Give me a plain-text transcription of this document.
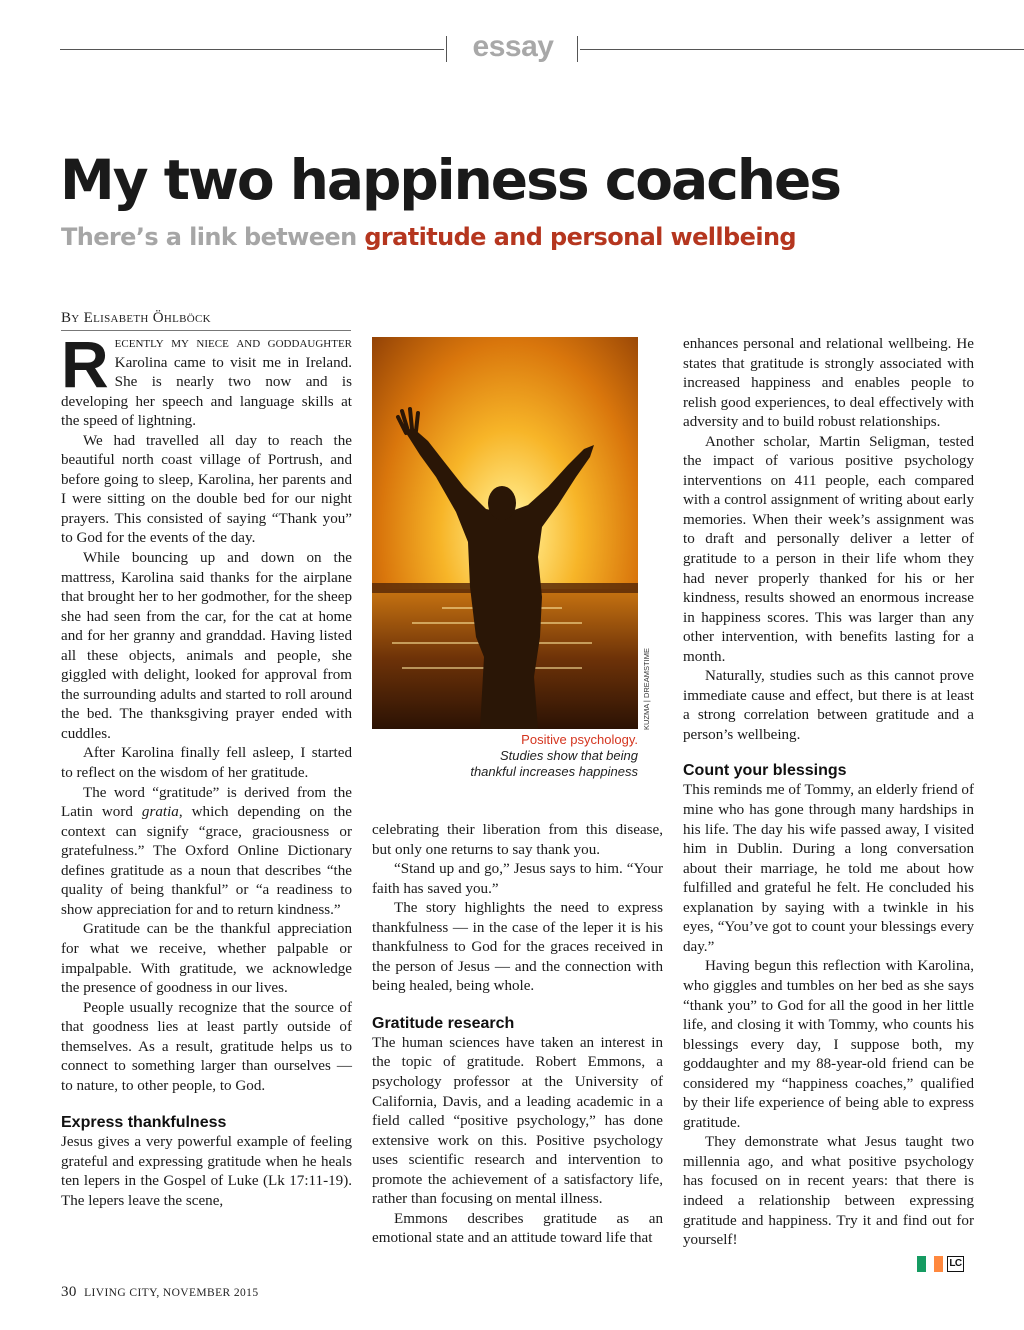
essay
My two happiness coaches
There’s a link between gratitude and personal wellbeing
By Elisabeth Öhlböck

Recently my niece and goddaughter Karolina came to visit me in Ireland. She is nearly two now and is developing her speech and language skills at the speed of lightning.

We had travelled all day to reach the beautiful north coast village of Portrush, and before going to sleep, Karolina, her parents and I were sitting on the double bed for our night prayers. This consisted of saying “Thank you” to God for the events of the day.

While bouncing up and down on the mattress, Karolina said thanks for the airplane that brought her to her godmother, for the sheep she had seen from the car, for the cat at home and for her granny and granddad. Having listed all these objects, animals and people, she giggled with delight, looked for approval from the surrounding adults and started to roll around the bed. The thanksgiving prayer ended with cuddles.

After Karolina finally fell asleep, I started to reflect on the wisdom of her gratitude.

The word “gratitude” is derived from the Latin word gratia, which depending on the context can signify “grace, graciousness or gratefulness.” The Oxford Online Dictionary defines gratitude as a noun that describes “the quality of being thankful” or “a readiness to show appreciation for and to return kindness.”

Gratitude can be the thankful appreciation for what we receive, whether palpable or impalpable. With gratitude, we acknowledge the presence of goodness in our lives.

People usually recognize that the source of that goodness lies at least partly outside of themselves. As a result, gratitude helps us to connect to something larger than ourselves — to nature, to other people, to God.

Express thankfulness

Jesus gives a very powerful example of feeling grateful and expressing gratitude when he heals ten lepers in the Gospel of Luke (Lk 17:11-19). The lepers leave the scene,

KUZMA | DREAMSTIME
Positive psychology.
Studies show that being
thankful increases happiness

celebrating their liberation from this disease, but only one returns to say thank you.

“Stand up and go,” Jesus says to him. “Your faith has saved you.”

The story highlights the need to express thankfulness — in the case of the leper it is his thankfulness to God for the graces received in the person of Jesus — and the connection with being healed, being whole.

Gratitude research

The human sciences have taken an interest in the topic of gratitude. Robert Emmons, a psychology professor at the University of California, Davis, and a leading academic in a field called “positive psychology,” has done extensive work on this. Positive psychology uses scientific research and intervention to promote the achievement of a satisfactory life, rather than focusing on mental illness.

Emmons describes gratitude as an emotional state and an attitude toward life that

enhances personal and relational wellbeing. He states that gratitude is strongly associated with increased happiness and enables people to relish good experiences, to deal effectively with adversity and to build robust relationships.

Another scholar, Martin Seligman, tested the impact of various positive psychology interventions on 411 people, each compared with a control assignment of writing about early memories. When their week’s assignment was to draft and personally deliver a letter of gratitude to a person in their life whom they had never properly thanked for his or her kindness, results showed an enormous increase in happiness scores. This was larger than any other intervention, with benefits lasting for a month.

Naturally, studies such as this cannot prove immediate cause and effect, but there is at least a strong correlation between gratitude and a person’s wellbeing.

Count your blessings

This reminds me of Tommy, an elderly friend of mine who has gone through many hardships in his life. The day his wife passed away, I visited him in Dublin. During a long conversation about their marriage, he told me about how fulfilled and grateful he felt. He concluded his explanation by saying with a twinkle in his eyes, “You’ve got to count your blessings every day.”

Having begun this reflection with Karolina, who giggles and tumbles on her bed as she says “thank you” to God for all the good in her little life, and closing it with Tommy, who counts his blessings every day, I suppose both, my goddaughter and my 88-year-old friend can be considered my “happiness coaches,” qualified by their life experience of being able to express gratitude.

They demonstrate what Jesus taught two millennia ago, and what positive psychology has focused on in recent years: that there is indeed a relationship between expressing gratitude and happiness. Try it and find out for yourself!

LC
30 LIVING CITY, NOVEMBER 2015
